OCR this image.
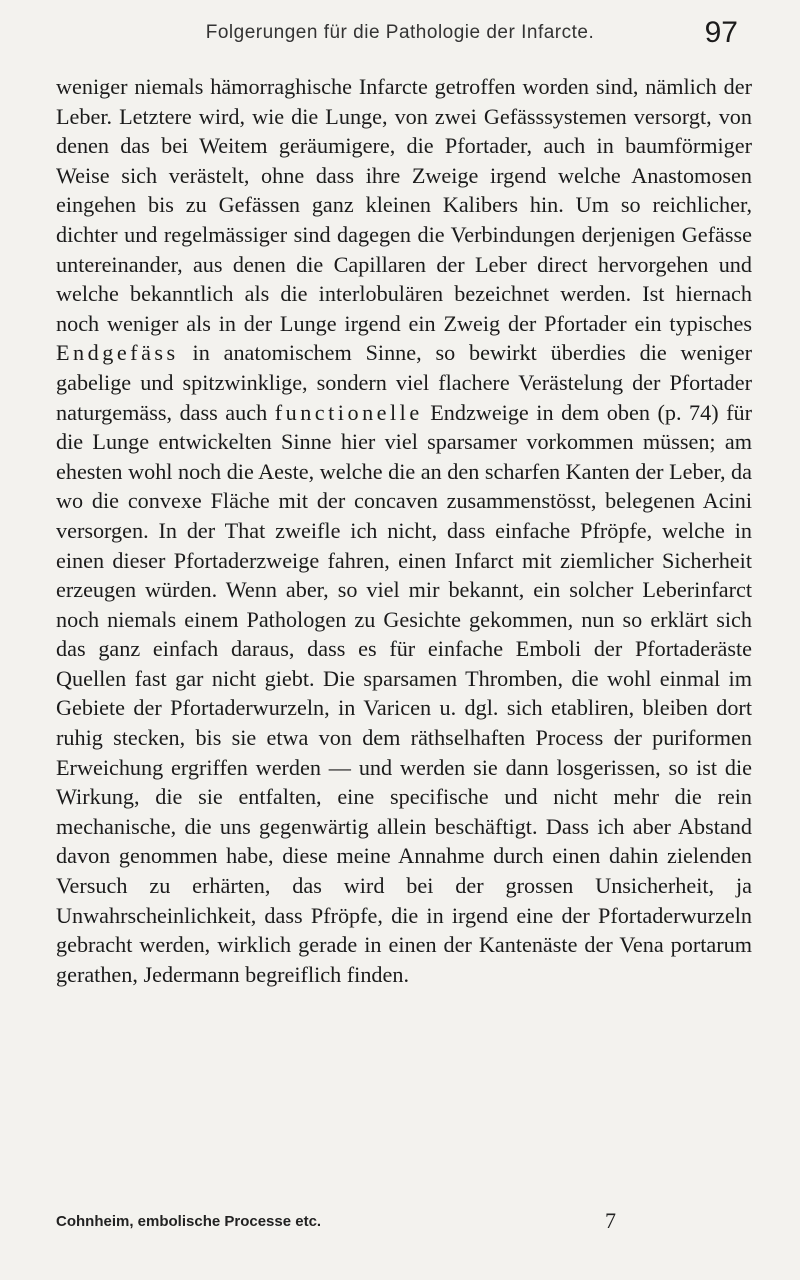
Folgerungen für die Pathologie der Infarcte.	97

weniger niemals hämorraghische Infarcte getroffen worden sind, nämlich der Leber. Letztere wird, wie die Lunge, von zwei Gefässsystemen versorgt, von denen das bei Weitem geräumigere, die Pfortader, auch in baumförmiger Weise sich verästelt, ohne dass ihre Zweige irgend welche Anastomosen eingehen bis zu Gefässen ganz kleinen Kalibers hin. Um so reichlicher, dichter und regelmässiger sind dagegen die Verbindungen derjenigen Gefässe untereinander, aus denen die Capillaren der Leber direct hervorgehen und welche bekanntlich als die interlobulären bezeichnet werden. Ist hiernach noch weniger als in der Lunge irgend ein Zweig der Pfortader ein typisches Endgefäss in anatomischem Sinne, so bewirkt überdies die weniger gabelige und spitzwinklige, sondern viel flachere Verästelung der Pfortader naturgemäss, dass auch functionelle Endzweige in dem oben (p. 74) für die Lunge entwickelten Sinne hier viel sparsamer vorkommen müssen; am ehesten wohl noch die Aeste, welche die an den scharfen Kanten der Leber, da wo die convexe Fläche mit der concaven zusammenstösst, belegenen Acini versorgen. In der That zweifle ich nicht, dass einfache Pfröpfe, welche in einen dieser Pfortaderzweige fahren, einen Infarct mit ziemlicher Sicherheit erzeugen würden. Wenn aber, so viel mir bekannt, ein solcher Leberinfarct noch niemals einem Pathologen zu Gesichte gekommen, nun so erklärt sich das ganz einfach daraus, dass es für einfache Emboli der Pfortaderäste Quellen fast gar nicht giebt. Die sparsamen Thromben, die wohl einmal im Gebiete der Pfortaderwurzeln, in Varicen u. dgl. sich etabliren, bleiben dort ruhig stecken, bis sie etwa von dem räthselhaften Process der puriformen Erweichung ergriffen werden — und werden sie dann losgerissen, so ist die Wirkung, die sie entfalten, eine specifische und nicht mehr die rein mechanische, die uns gegenwärtig allein beschäftigt. Dass ich aber Abstand davon genommen habe, diese meine Annahme durch einen dahin zielenden Versuch zu erhärten, das wird bei der grossen Unsicherheit, ja Unwahrscheinlichkeit, dass Pfröpfe, die in irgend eine der Pfortaderwurzeln gebracht werden, wirklich gerade in einen der Kantenäste der Vena portarum gerathen, Jedermann begreiflich finden.

Cohnheim, embolische Processe etc.	7
